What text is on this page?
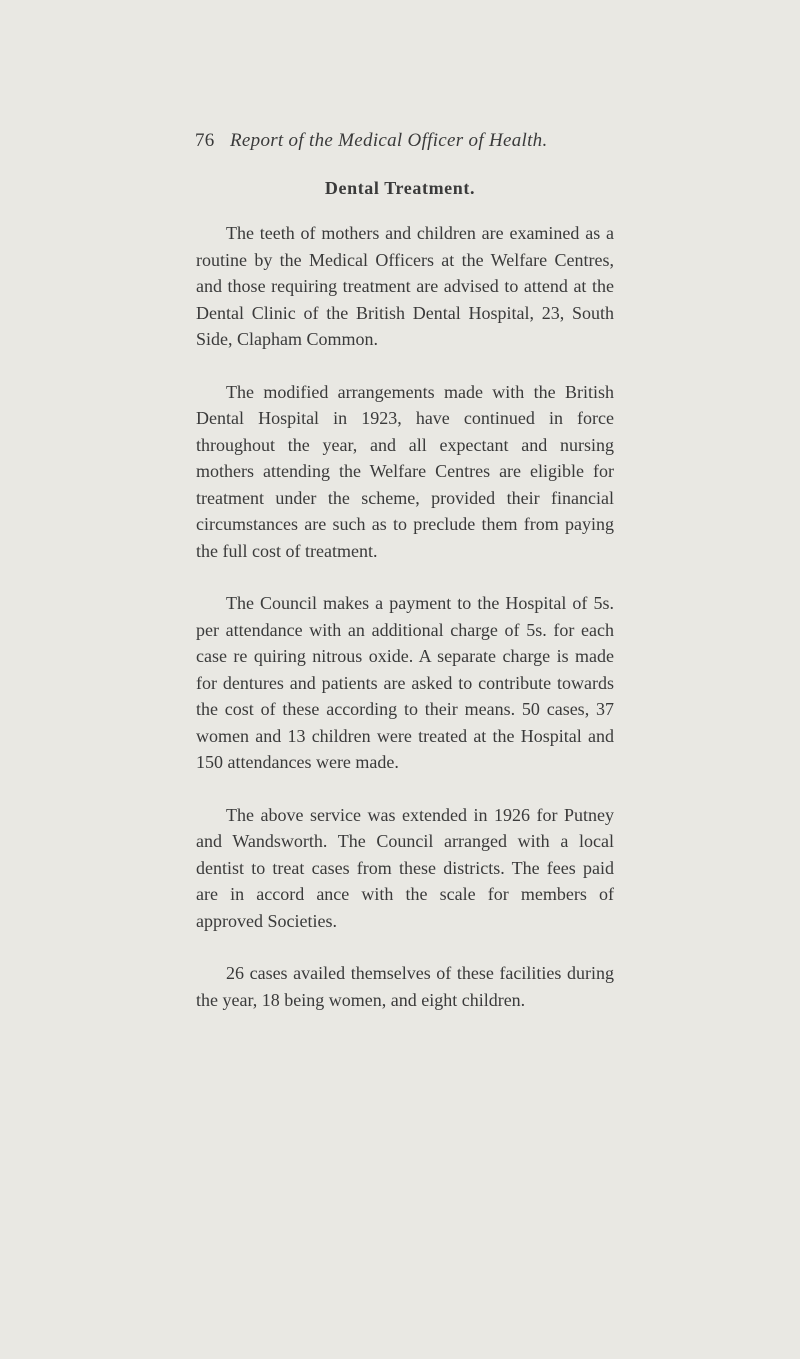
76 Report of the Medical Officer of Health.
Dental Treatment.

The teeth of mothers and children are examined as a routine by the Medical Officers at the Welfare Centres, and those requiring treatment are advised to attend at the Dental Clinic of the British Dental Hospital, 23, South Side, Clapham Common.

The modified arrangements made with the British Dental Hospital in 1923, have continued in force throughout the year, and all expectant and nursing mothers attending the Welfare Centres are eligible for treatment under the scheme, provided their financial circumstances are such as to preclude them from paying the full cost of treatment.

The Council makes a payment to the Hospital of 5s. per attendance with an additional charge of 5s. for each case re quiring nitrous oxide. A separate charge is made for dentures and patients are asked to contribute towards the cost of these according to their means. 50 cases, 37 women and 13 children were treated at the Hospital and 150 attendances were made.

The above service was extended in 1926 for Putney and Wandsworth. The Council arranged with a local dentist to treat cases from these districts. The fees paid are in accord ance with the scale for members of approved Societies.

26 cases availed themselves of these facilities during the year, 18 being women, and eight children.
